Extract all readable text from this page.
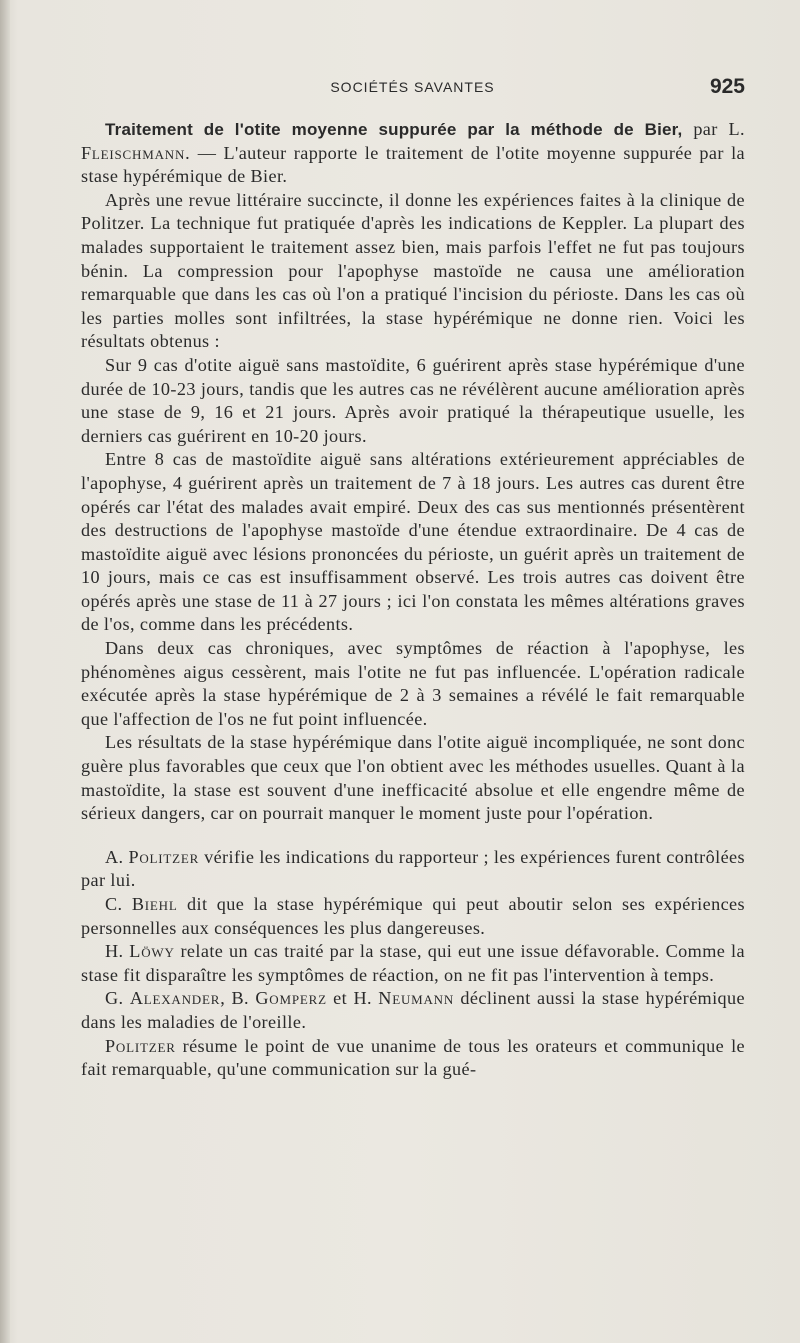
SOCIÉTÉS SAVANTES	925

Traitement de l'otite moyenne suppurée par la méthode de Bier, par L. Fleischmann. — L'auteur rapporte le traitement de l'otite moyenne suppurée par la stase hypérémique de Bier.

Après une revue littéraire succincte, il donne les expériences faites à la clinique de Politzer. La technique fut pratiquée d'après les indications de Keppler. La plupart des malades supportaient le traitement assez bien, mais parfois l'effet ne fut pas toujours bénin. La compression pour l'apophyse mastoïde ne causa une amélioration remarquable que dans les cas où l'on a pratiqué l'incision du périoste. Dans les cas où les parties molles sont infiltrées, la stase hypérémique ne donne rien. Voici les résultats obtenus :

Sur 9 cas d'otite aiguë sans mastoïdite, 6 guérirent après stase hypérémique d'une durée de 10-23 jours, tandis que les autres cas ne révélèrent aucune amélioration après une stase de 9, 16 et 21 jours. Après avoir pratiqué la thérapeutique usuelle, les derniers cas guérirent en 10-20 jours.

Entre 8 cas de mastoïdite aiguë sans altérations extérieurement appréciables de l'apophyse, 4 guérirent après un traitement de 7 à 18 jours. Les autres cas durent être opérés car l'état des malades avait empiré. Deux des cas sus mentionnés présentèrent des destructions de l'apophyse mastoïde d'une étendue extraordinaire. De 4 cas de mastoïdite aiguë avec lésions prononcées du périoste, un guérit après un traitement de 10 jours, mais ce cas est insuffisamment observé. Les trois autres cas doivent être opérés après une stase de 11 à 27 jours ; ici l'on constata les mêmes altérations graves de l'os, comme dans les précédents.

Dans deux cas chroniques, avec symptômes de réaction à l'apophyse, les phénomènes aigus cessèrent, mais l'otite ne fut pas influencée. L'opération radicale exécutée après la stase hypérémique de 2 à 3 semaines a révélé le fait remarquable que l'affection de l'os ne fut point influencée.

Les résultats de la stase hypérémique dans l'otite aiguë incompliquée, ne sont donc guère plus favorables que ceux que l'on obtient avec les méthodes usuelles. Quant à la mastoïdite, la stase est souvent d'une inefficacité absolue et elle engendre même de sérieux dangers, car on pourrait manquer le moment juste pour l'opération.

A. Politzer vérifie les indications du rapporteur ; les expériences furent contrôlées par lui.

C. Biehl dit que la stase hypérémique qui peut aboutir selon ses expériences personnelles aux conséquences les plus dangereuses.

H. Löwy relate un cas traité par la stase, qui eut une issue défavorable. Comme la stase fit disparaître les symptômes de réaction, on ne fit pas l'intervention à temps.

G. Alexander, B. Gomperz et H. Neumann déclinent aussi la stase hypérémique dans les maladies de l'oreille.

Politzer résume le point de vue unanime de tous les orateurs et communique le fait remarquable, qu'une communication sur la gué-
